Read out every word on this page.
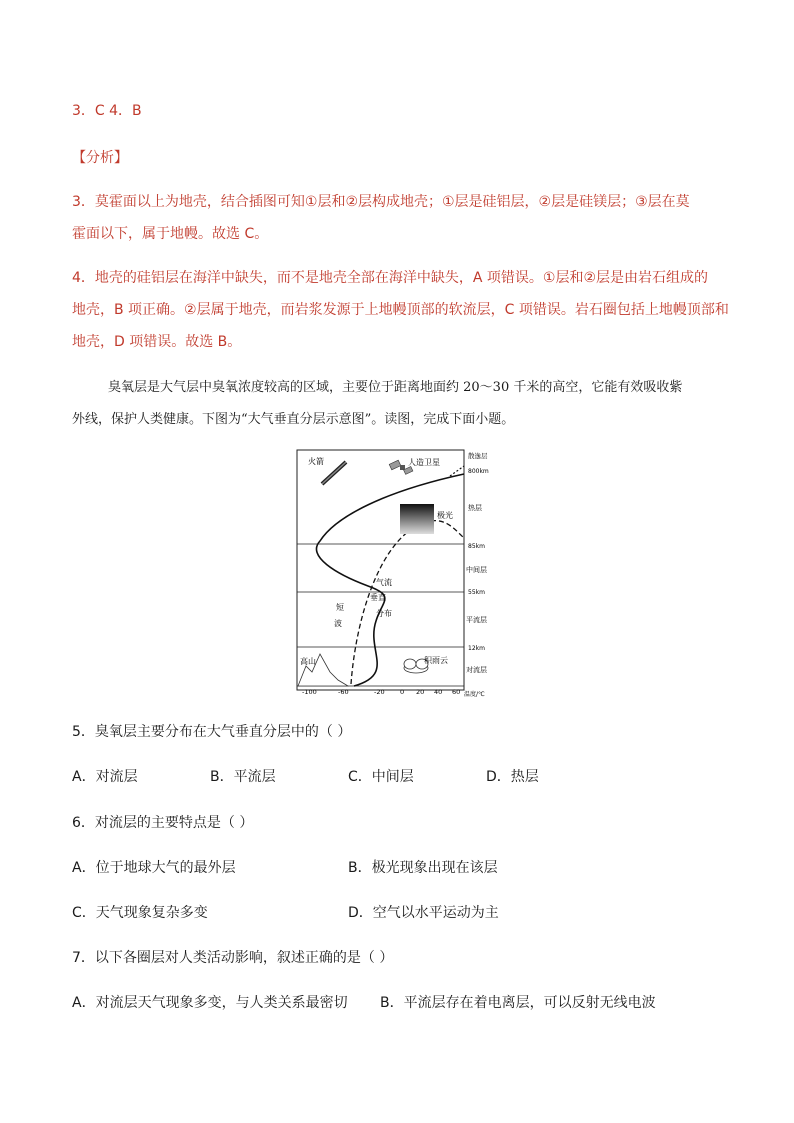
3．C 4．B
【分析】
3．莫霍面以上为地壳，结合插图可知①层和②层构成地壳；①层是硅铝层，②层是硅镁层；③层在莫
霍面以下，属于地幔。故选 C。
4．地壳的硅铝层在海洋中缺失，而不是地壳全部在海洋中缺失，A 项错误。①层和②层是由岩石组成的
地壳，B 项正确。②层属于地壳，而岩浆发源于上地幔顶部的软流层，C 项错误。岩石圈包括上地幔顶部和
地壳，D 项错误。故选 B。
臭氧层是大气层中臭氧浓度较高的区域，主要位于距离地面约 20～30 千米的高空，它能有效吸收紫
外线，保护人类健康。下图为“大气垂直分层示意图”。读图，完成下面小题。
火箭	人造卫星
极光
气流
垂直
分布
短
波
高山	积雨云
散逸层
800km
热层
85km
中间层
55km
平流层
12km
对流层
-100	-60	-20 0 20 40 60 温度/℃
5．臭氧层主要分布在大气垂直分层中的（ ）
A．对流层	B．平流层	C．中间层	D．热层
6．对流层的主要特点是（ ）
A．位于地球大气的最外层	B．极光现象出现在该层
C．天气现象复杂多变	D．空气以水平运动为主
7．以下各圈层对人类活动影响，叙述正确的是（ ）
A．对流层天气现象多变，与人类关系最密切 B．平流层存在着电离层，可以反射无线电波
